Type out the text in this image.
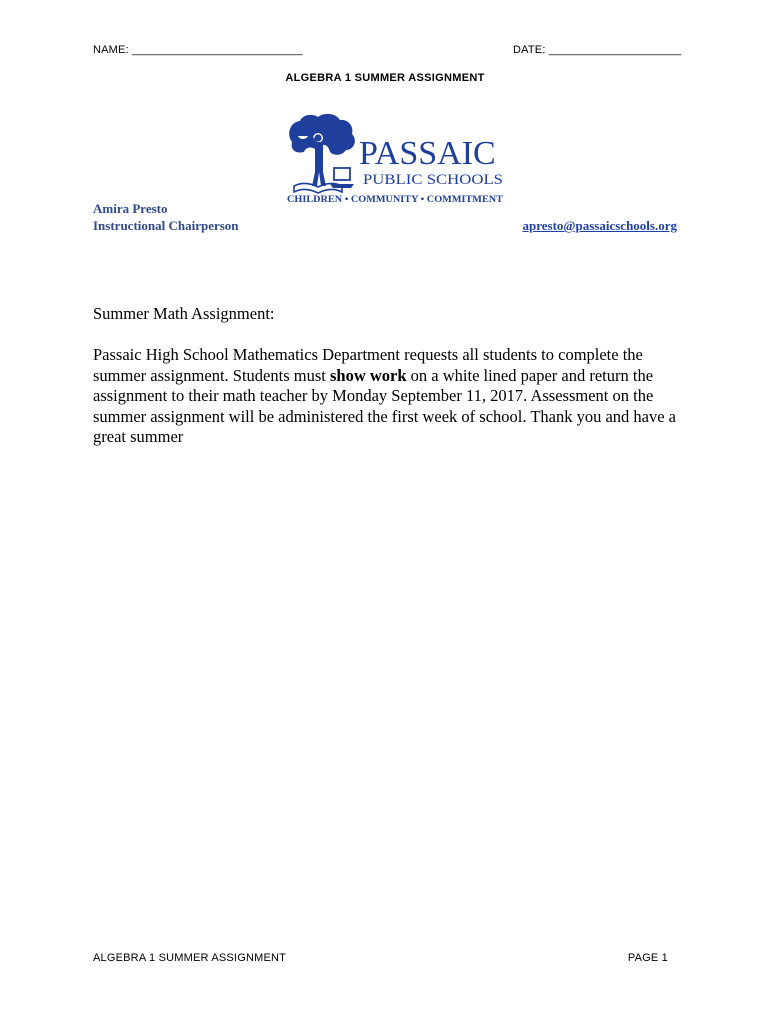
NAME: ___________________________	DATE: _____________________
ALGEBRA 1 SUMMER ASSIGNMENT
PASSAIC
PUBLIC SCHOOLS
CHILDREN • COMMUNITY • COMMITMENT
Amira Presto
Instructional Chairperson	apresto@passaicschools.org
Summer Math Assignment:
Passaic High School Mathematics Department requests all students to complete the summer assignment. Students must show work on a white lined paper and return the assignment to their math teacher by Monday September 11, 2017. Assessment on the summer assignment will be administered the first week of school. Thank you and have a great summer
ALGEBRA 1 SUMMER ASSIGNMENT	PAGE 1
